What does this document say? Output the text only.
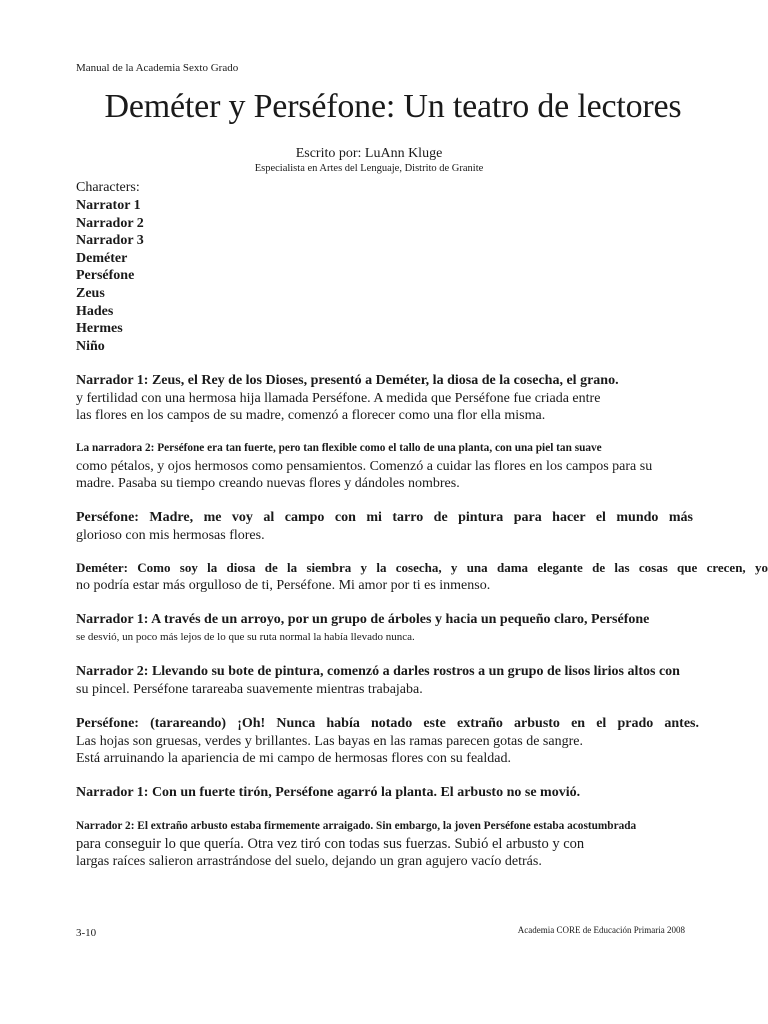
Manual de la Academia Sexto Grado
Deméter y Perséfone: Un teatro de lectores
Escrito por: LuAnn Kluge
Especialista en Artes del Lenguaje, Distrito de Granite
Characters:
Narrator 1
Narrador 2
Narrador 3
Deméter
Perséfone
Zeus
Hades
Hermes
Niño
Narrador 1: Zeus, el Rey de los Dioses, presentó a Deméter, la diosa de la cosecha, el grano.
y fertilidad con una hermosa hija llamada Perséfone. A medida que Perséfone fue criada entre
las flores en los campos de su madre, comenzó a florecer como una flor ella misma.
La narradora 2: Perséfone era tan fuerte, pero tan flexible como el tallo de una planta, con una piel tan suave
como pétalos, y ojos hermosos como pensamientos. Comenzó a cuidar las flores en los campos para su
madre. Pasaba su tiempo creando nuevas flores y dándoles nombres.
Perséfone: Madre, me voy al campo con mi tarro de pintura para hacer el mundo más
glorioso con mis hermosas flores.
Deméter: Como soy la diosa de la siembra y la cosecha, y una dama elegante de las cosas que crecen, yo
no podría estar más orgulloso de ti, Perséfone. Mi amor por ti es inmenso.
Narrador 1: A través de un arroyo, por un grupo de árboles y hacia un pequeño claro, Perséfone
se desvió, un poco más lejos de lo que su ruta normal la había llevado nunca.
Narrador 2: Llevando su bote de pintura, comenzó a darles rostros a un grupo de lisos lirios altos con
su pincel. Perséfone tarareaba suavemente mientras trabajaba.
Perséfone: (tarareando) ¡Oh! Nunca había notado este extraño arbusto en el prado antes.
Las hojas son gruesas, verdes y brillantes. Las bayas en las ramas parecen gotas de sangre.
Está arruinando la apariencia de mi campo de hermosas flores con su fealdad.
Narrador 1: Con un fuerte tirón, Perséfone agarró la planta. El arbusto no se movió.
Narrador 2: El extraño arbusto estaba firmemente arraigado. Sin embargo, la joven Perséfone estaba acostumbrada
para conseguir lo que quería. Otra vez tiró con todas sus fuerzas. Subió el arbusto y con
largas raíces salieron arrastrándose del suelo, dejando un gran agujero vacío detrás.
3-10	Academia CORE de Educación Primaria 2008
